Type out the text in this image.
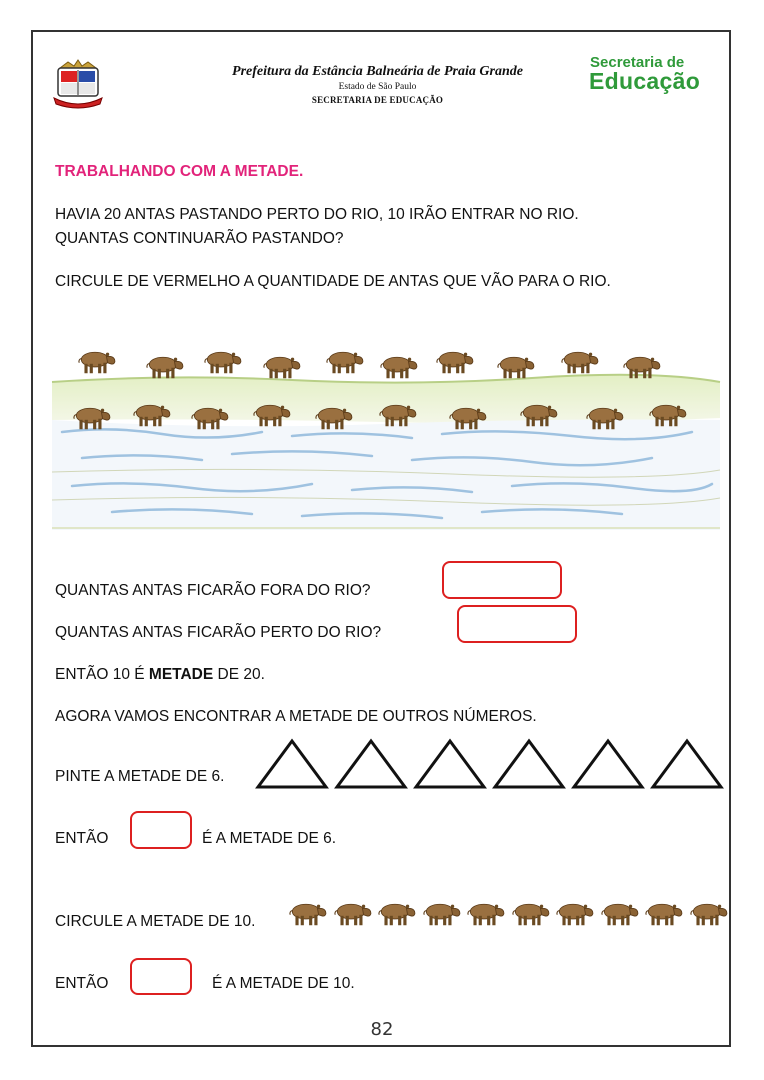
Prefeitura da Estância Balneária de Praia Grande
Estado de São Paulo
SECRETARIA DE EDUCAÇÃO
Secretaria de
Educação
TRABALHANDO COM A METADE.
HAVIA 20 ANTAS PASTANDO PERTO DO RIO, 10 IRÃO ENTRAR NO RIO.
QUANTAS CONTINUARÃO PASTANDO?
CIRCULE DE VERMELHO A QUANTIDADE DE ANTAS QUE VÃO PARA O RIO.
QUANTAS ANTAS FICARÃO FORA DO RIO?
QUANTAS ANTAS FICARÃO PERTO DO RIO?
ENTÃO 10 É METADE DE 20.
AGORA VAMOS ENCONTRAR A METADE DE OUTROS NÚMEROS.
PINTE A METADE DE 6.
ENTÃO	É A METADE DE 6.
CIRCULE A METADE DE 10.
ENTÃO	É A METADE DE 10.
82
